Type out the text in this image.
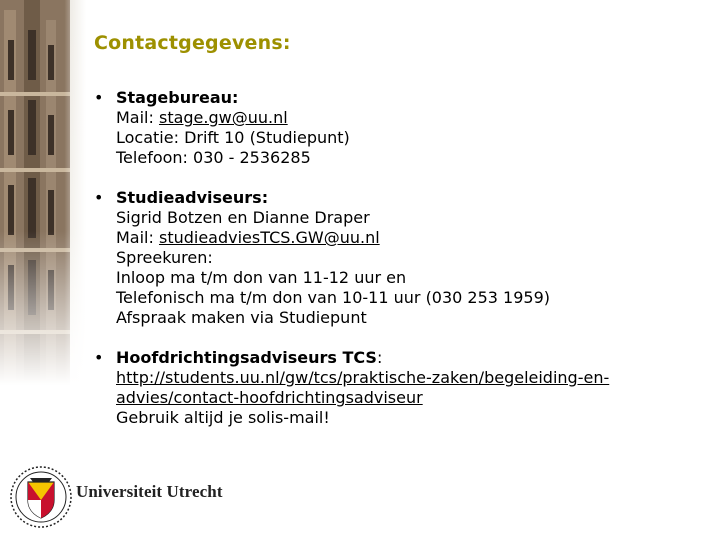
Contactgegevens:
• Stagebureau:
Mail: stage.gw@uu.nl
Locatie: Drift 10 (Studiepunt)
Telefoon: 030 - 2536285
• Studieadviseurs:
Sigrid Botzen en Dianne Draper
Mail: studieadviesTCS.GW@uu.nl
Spreekuren:
Inloop ma t/m don van 11-12 uur en
Telefonisch ma t/m don van 10-11 uur (030 253 1959)
Afspraak maken via Studiepunt
• Hoofdrichtingsadviseurs TCS:
http://students.uu.nl/gw/tcs/praktische-zaken/begeleiding-en-
advies/contact-hoofdrichtingsadviseur
Gebruik altijd je solis-mail!
Universiteit Utrecht
